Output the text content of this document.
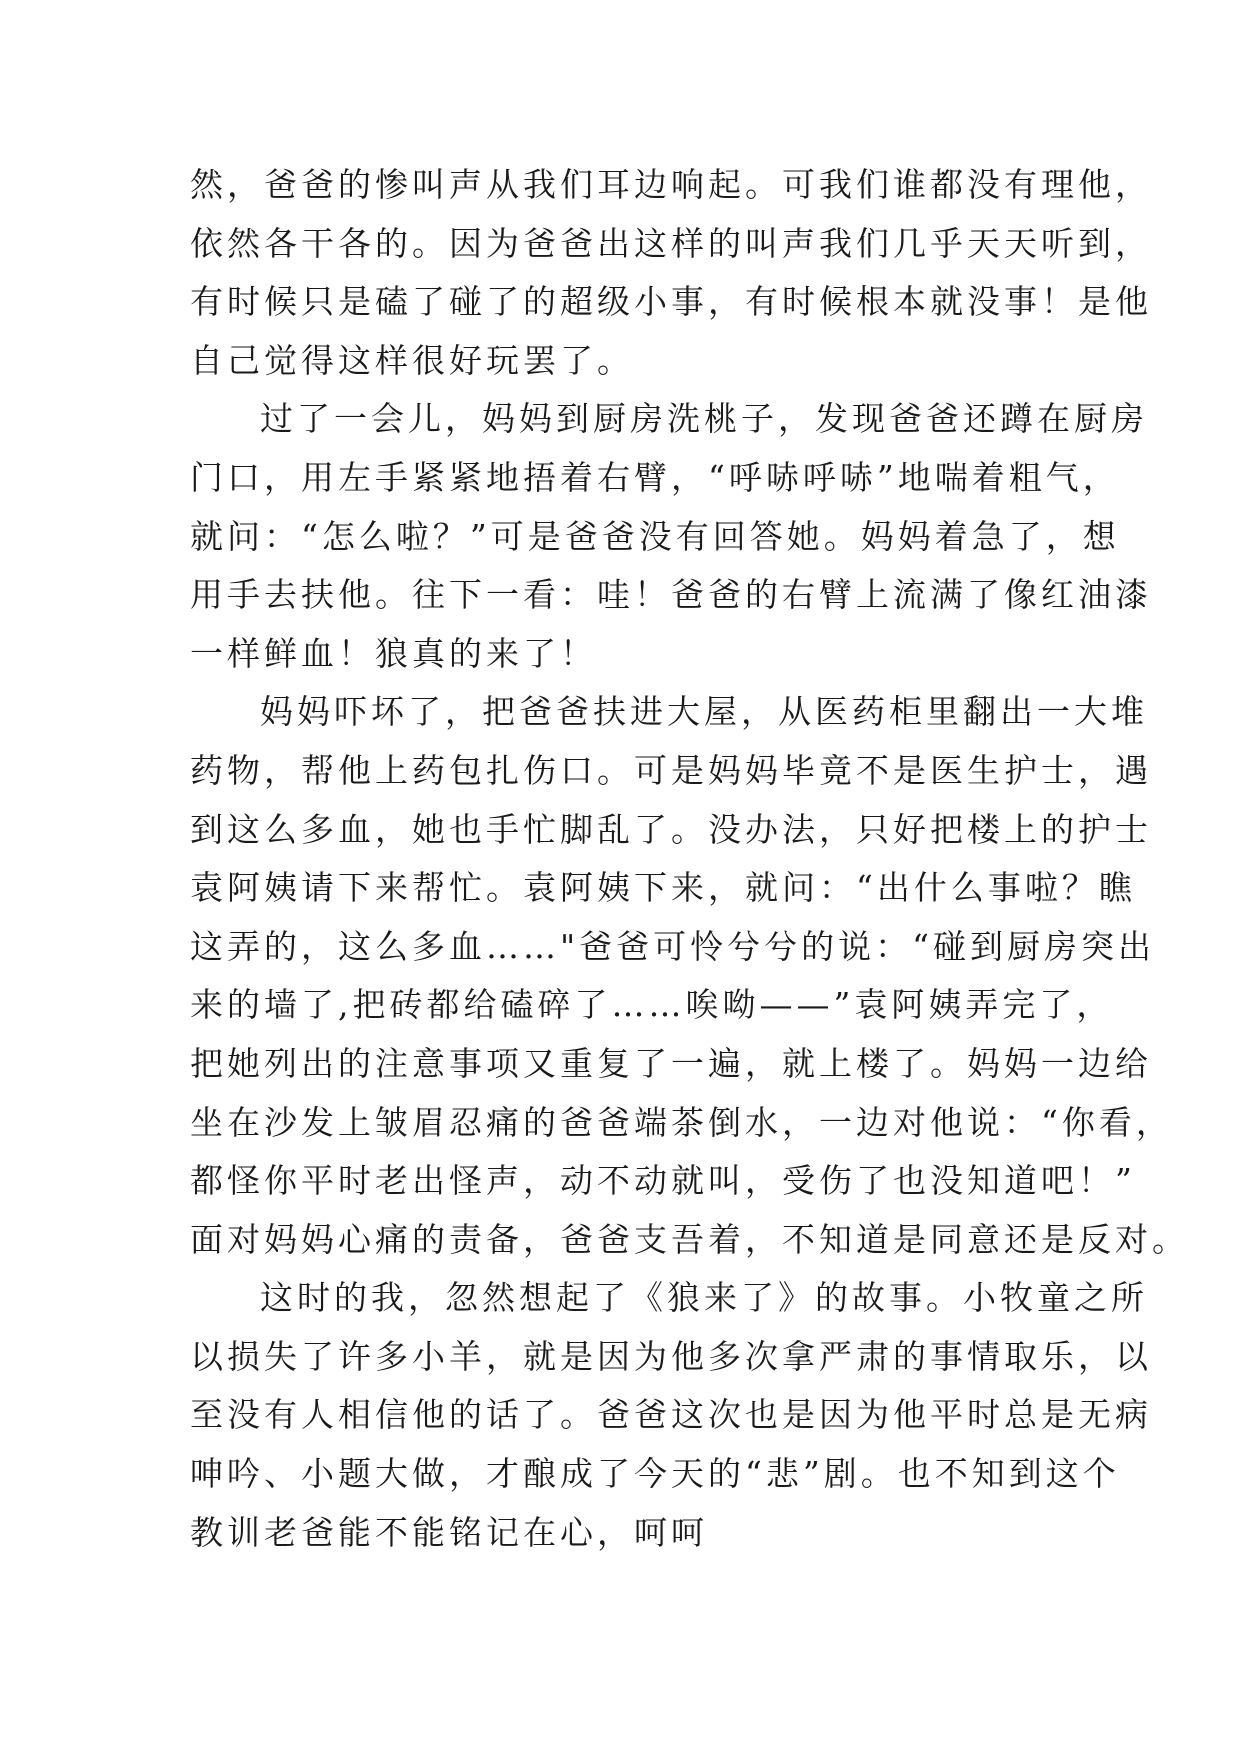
然，爸爸的惨叫声从我们耳边响起。可我们谁都没有理他，
依然各干各的。因为爸爸出这样的叫声我们几乎天天听到，
有时候只是磕了碰了的超级小事，有时候根本就没事！是他
自己觉得这样很好玩罢了。
过了一会儿，妈妈到厨房洗桃子，发现爸爸还蹲在厨房
门口，用左手紧紧地捂着右臂，“呼哧呼哧”地喘着粗气，
就问：“怎么啦？”可是爸爸没有回答她。妈妈着急了，想
用手去扶他。往下一看：哇！爸爸的右臂上流满了像红油漆
一样鲜血！狼真的来了！
妈妈吓坏了，把爸爸扶进大屋，从医药柜里翻出一大堆
药物，帮他上药包扎伤口。可是妈妈毕竟不是医生护士，遇
到这么多血，她也手忙脚乱了。没办法，只好把楼上的护士
袁阿姨请下来帮忙。袁阿姨下来，就问：“出什么事啦？瞧
这弄的，这么多血……"爸爸可怜兮兮的说：“碰到厨房突出
来的墙了,把砖都给磕碎了……唉呦——”袁阿姨弄完了，
把她列出的注意事项又重复了一遍，就上楼了。妈妈一边给
坐在沙发上皱眉忍痛的爸爸端茶倒水，一边对他说：“你看，
都怪你平时老出怪声，动不动就叫，受伤了也没知道吧！”
面对妈妈心痛的责备，爸爸支吾着，不知道是同意还是反对。
这时的我，忽然想起了《狼来了》的故事。小牧童之所
以损失了许多小羊，就是因为他多次拿严肃的事情取乐，以
至没有人相信他的话了。爸爸这次也是因为他平时总是无病
呻吟、小题大做，才酿成了今天的“悲”剧。也不知到这个
教训老爸能不能铭记在心，呵呵
